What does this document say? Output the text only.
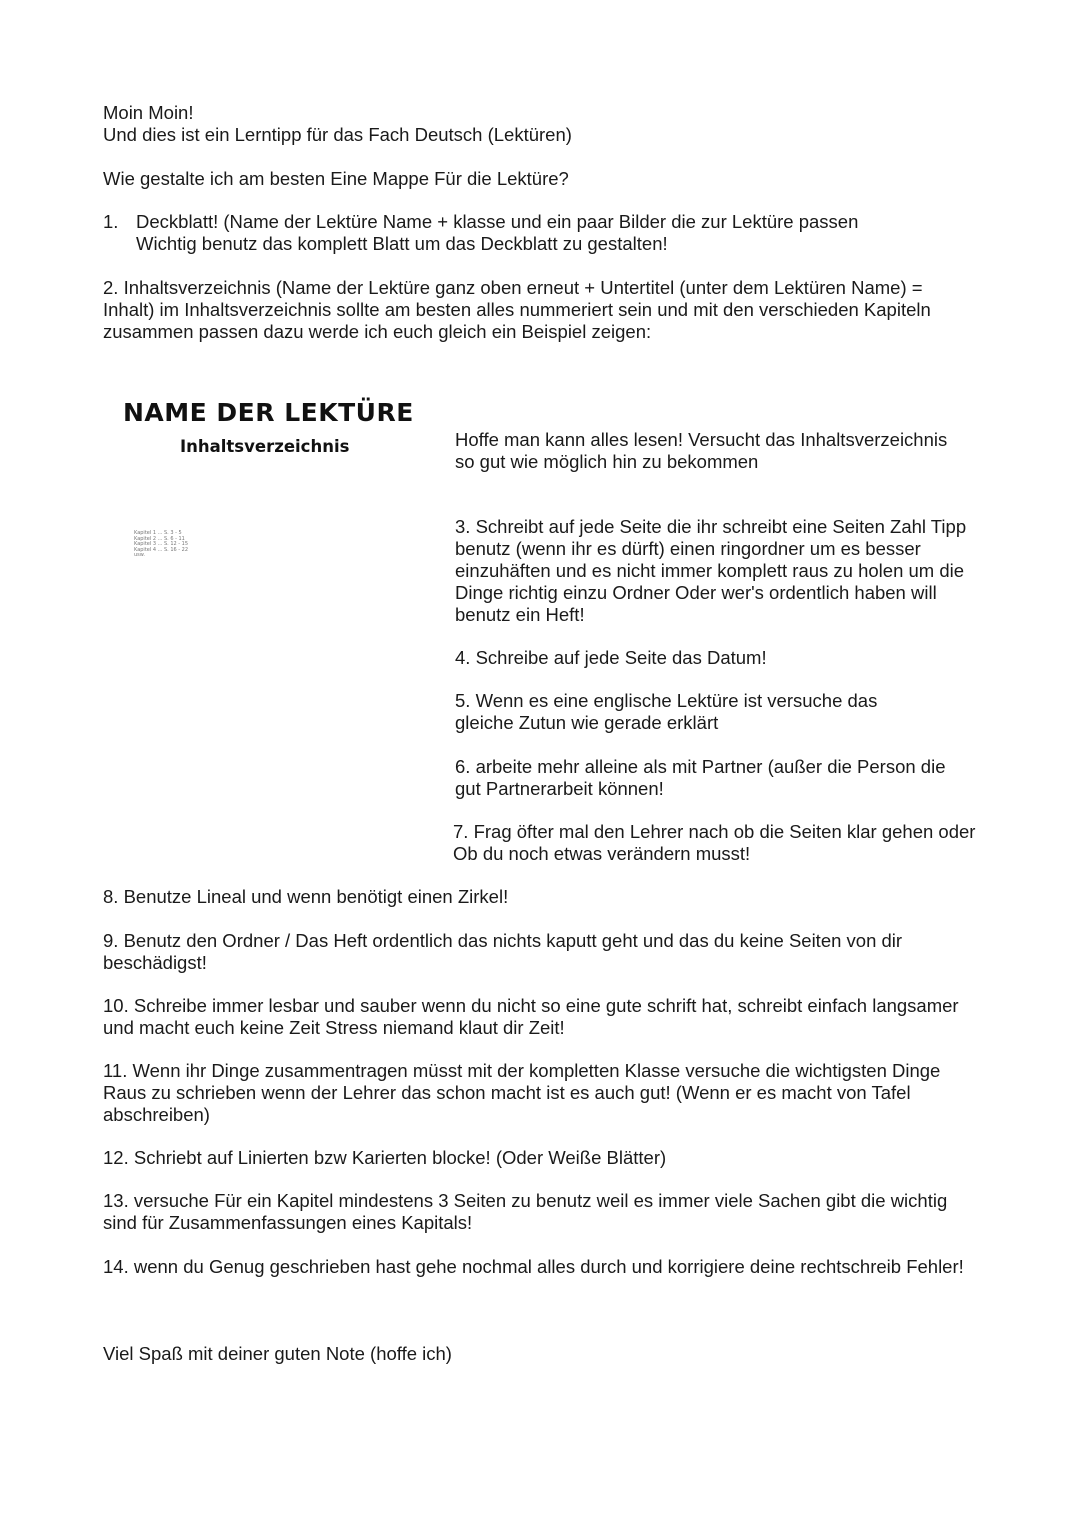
Moin Moin!

Und dies ist ein Lerntipp für das Fach Deutsch (Lektüren)

Wie gestalte ich am besten Eine Mappe Für die Lektüre?

1. Deckblatt! (Name der Lektüre Name + klasse und ein paar Bilder die zur Lektüre passen

Wichtig benutz das komplett Blatt um das Deckblatt zu gestalten!

2. Inhaltsverzeichnis (Name der Lektüre ganz oben erneut + Untertitel (unter dem Lektüren Name) = Inhalt) im Inhaltsverzeichnis sollte am besten alles nummeriert sein und mit den verschieden Kapiteln zusammen passen dazu werde ich euch gleich ein Beispiel zeigen:

NAME DER LEKTÜRE
Inhaltsverzeichnis
Kapitel 1 ... S. 3 - 5
Kapitel 2 ... S. 6 - 11
Kapitel 3 ... S. 12 - 15
Kapitel 4 ... S. 16 - 22
usw.

Hoffe man kann alles lesen! Versucht das Inhaltsverzeichnis so gut wie möglich hin zu bekommen

3. Schreibt auf jede Seite die ihr schreibt eine Seiten Zahl Tipp benutz (wenn ihr es dürft) einen ringordner um es besser einzuhäften und es nicht immer komplett raus zu holen um die Dinge richtig einzu Ordner Oder wer's ordentlich haben will benutz ein Heft!

4. Schreibe auf jede Seite das Datum!

5. Wenn es eine englische Lektüre ist versuche das gleiche Zutun wie gerade erklärt

6. arbeite mehr alleine als mit Partner (außer die Person die gut Partnerarbeit können!

7. Frag öfter mal den Lehrer nach ob die Seiten klar gehen oder Ob du noch etwas verändern musst!

8. Benutze Lineal und wenn benötigt einen Zirkel!

9. Benutz den Ordner / Das Heft ordentlich das nichts kaputt geht und das du keine Seiten von dir beschädigst!

10. Schreibe immer lesbar und sauber wenn du nicht so eine gute schrift hat, schreibt einfach langsamer und macht euch keine Zeit Stress niemand klaut dir Zeit!

11. Wenn ihr Dinge zusammentragen müsst mit der kompletten Klasse versuche die wichtigsten Dinge Raus zu schrieben wenn der Lehrer das schon macht ist es auch gut! (Wenn er es macht von Tafel abschreiben)

12. Schriebt auf Linierten bzw Karierten blocke! (Oder Weiße Blätter)

13. versuche Für ein Kapitel mindestens 3 Seiten zu benutz weil es immer viele Sachen gibt die wichtig sind für Zusammenfassungen eines Kapitals!

14. wenn du Genug geschrieben hast gehe nochmal alles durch und korrigiere deine rechtschreib Fehler!

Viel Spaß mit deiner guten Note (hoffe ich)
